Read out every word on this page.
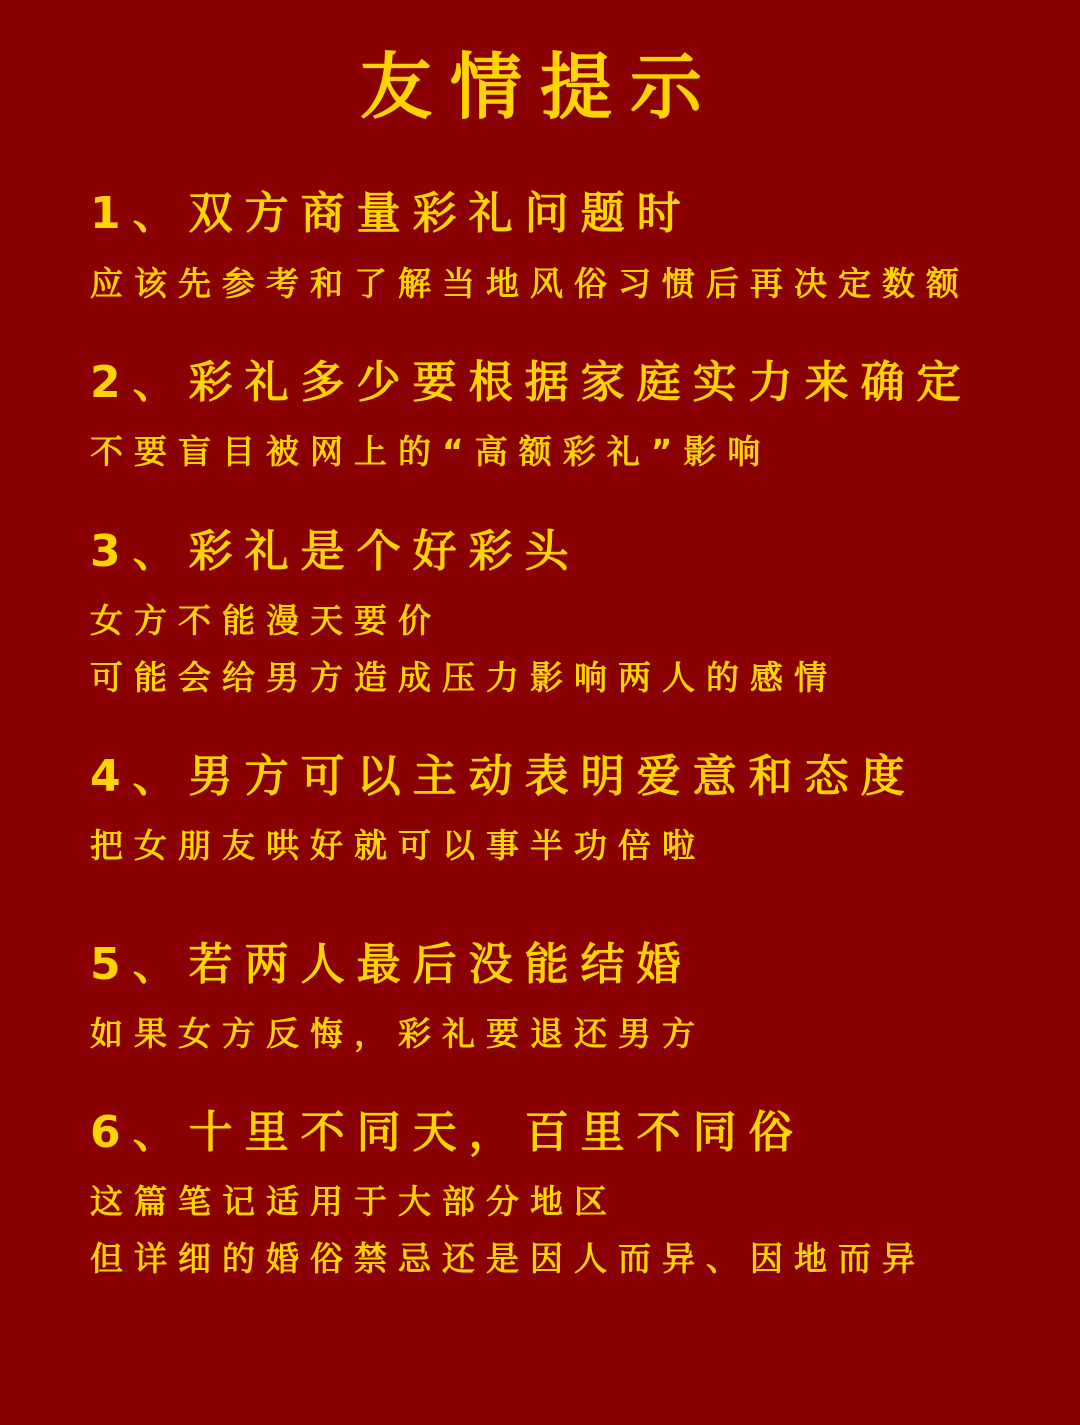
友情提示
1、双方商量彩礼问题时
应该先参考和了解当地风俗习惯后再决定数额
2、彩礼多少要根据家庭实力来确定
不要盲目被网上的“高额彩礼”影响
3、彩礼是个好彩头
女方不能漫天要价
可能会给男方造成压力影响两人的感情
4、男方可以主动表明爱意和态度
把女朋友哄好就可以事半功倍啦
5、若两人最后没能结婚
如果女方反悔，彩礼要退还男方
6、十里不同天，百里不同俗
这篇笔记适用于大部分地区
但详细的婚俗禁忌还是因人而异、因地而异
